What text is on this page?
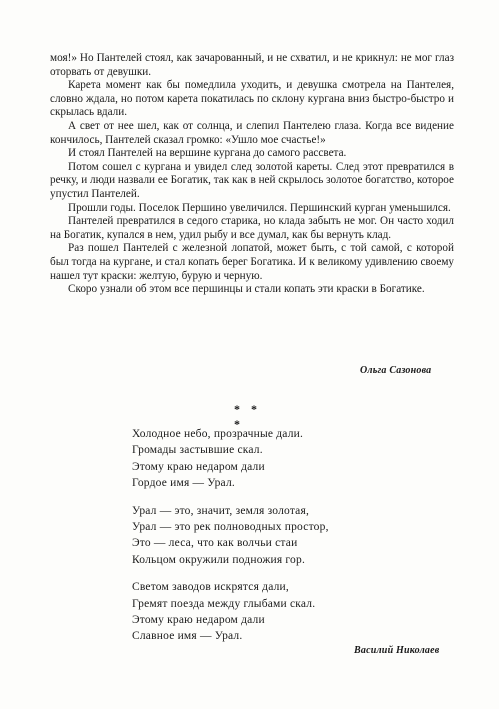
моя!» Но Пантелей стоял, как зачарованный, и не схватил, и не крикнул: не мог глаз оторвать от девушки.

Карета момент как бы помедлила уходить, и девушка смотрела на Пантелея, словно ждала, но потом карета покатилась по склону кургана вниз быстро-быстро и скрылась вдали.

А свет от нее шел, как от солнца, и слепил Пантелею глаза. Когда все видение кончилось, Пантелей сказал громко: «Ушло мое счастье!»

И стоял Пантелей на вершине кургана до самого рассвета.

Потом сошел с кургана и увидел след золотой кареты. След этот превратился в речку, и люди назвали ее Богатик, так как в ней скрылось золотое богатство, которое упустил Пантелей.

Прошли годы. Поселок Першино увеличился. Першинский курган уменьшился.

Пантелей превратился в седого старика, но клада забыть не мог. Он часто ходил на Богатик, купался в нем, удил рыбу и все думал, как бы вернуть клад.

Раз пошел Пантелей с железной лопатой, может быть, с той самой, с которой был тогда на кургане, и стал копать берег Богатика. И к великому удивлению своему нашел тут краски: желтую, бурую и черную.

Скоро узнали об этом все першинцы и стали копать эти краски в Богатике.

Ольга Сазонова
* * *
Холодное небо, прозрачные дали.
Громады застывшие скал.
Этому краю недаром дали
Гордое имя — Урал.
Урал — это, значит, земля золотая,
Урал — это рек полноводных простор,
Это — леса, что как волчьи стаи
Кольцом окружили подножия гор.
Светом заводов искрятся дали,
Гремят поезда между глыбами скал.
Этому краю недаром дали
Славное имя — Урал.
Василий Николаев
